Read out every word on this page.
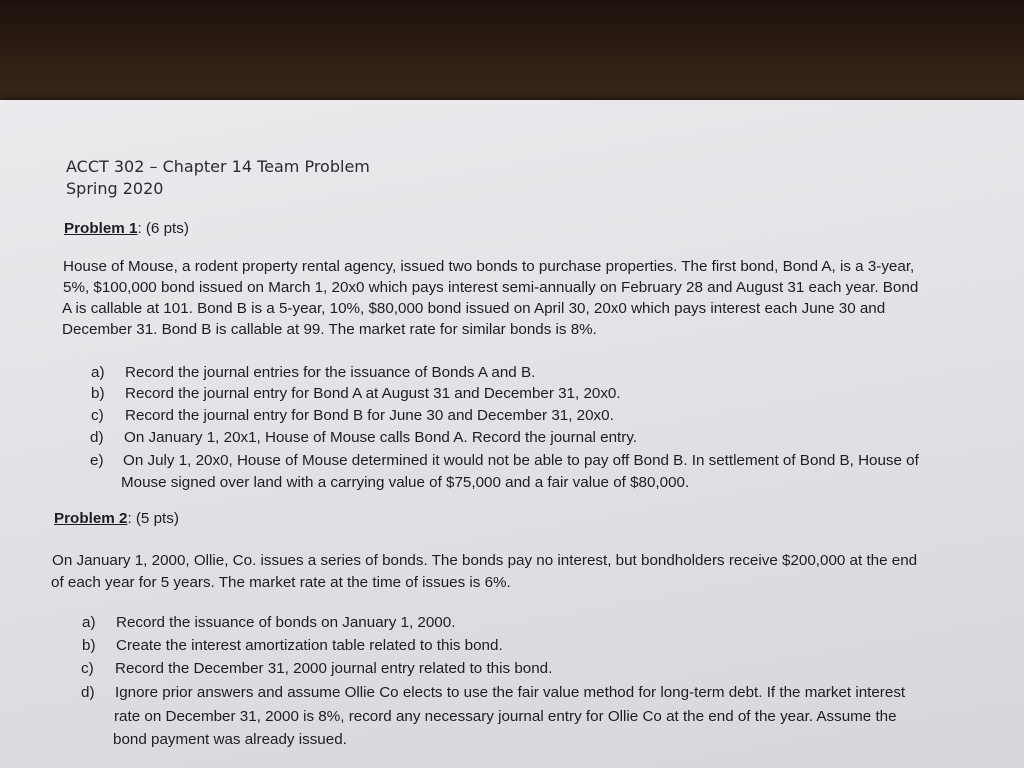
ACCT 302 – Chapter 14 Team Problem
Spring 2020
Problem 1: (6 pts)
House of Mouse, a rodent property rental agency, issued two bonds to purchase properties. The first bond, Bond A, is a 3-year,
5%, $100,000 bond issued on March 1, 20x0 which pays interest semi-annually on February 28 and August 31 each year. Bond
A is callable at 101. Bond B is a 5-year, 10%, $80,000 bond issued on April 30, 20x0 which pays interest each June 30 and
December 31. Bond B is callable at 99. The market rate for similar bonds is 8%.
a) Record the journal entries for the issuance of Bonds A and B.
b) Record the journal entry for Bond A at August 31 and December 31, 20x0.
c) Record the journal entry for Bond B for June 30 and December 31, 20x0.
d) On January 1, 20x1, House of Mouse calls Bond A. Record the journal entry.
e) On July 1, 20x0, House of Mouse determined it would not be able to pay off Bond B. In settlement of Bond B, House of
Mouse signed over land with a carrying value of $75,000 and a fair value of $80,000.
Problem 2: (5 pts)
On January 1, 2000, Ollie, Co. issues a series of bonds. The bonds pay no interest, but bondholders receive $200,000 at the end
of each year for 5 years. The market rate at the time of issues is 6%.
a) Record the issuance of bonds on January 1, 2000.
b) Create the interest amortization table related to this bond.
c) Record the December 31, 2000 journal entry related to this bond.
d) Ignore prior answers and assume Ollie Co elects to use the fair value method for long-term debt. If the market interest
rate on December 31, 2000 is 8%, record any necessary journal entry for Ollie Co at the end of the year. Assume the
bond payment was already issued.
